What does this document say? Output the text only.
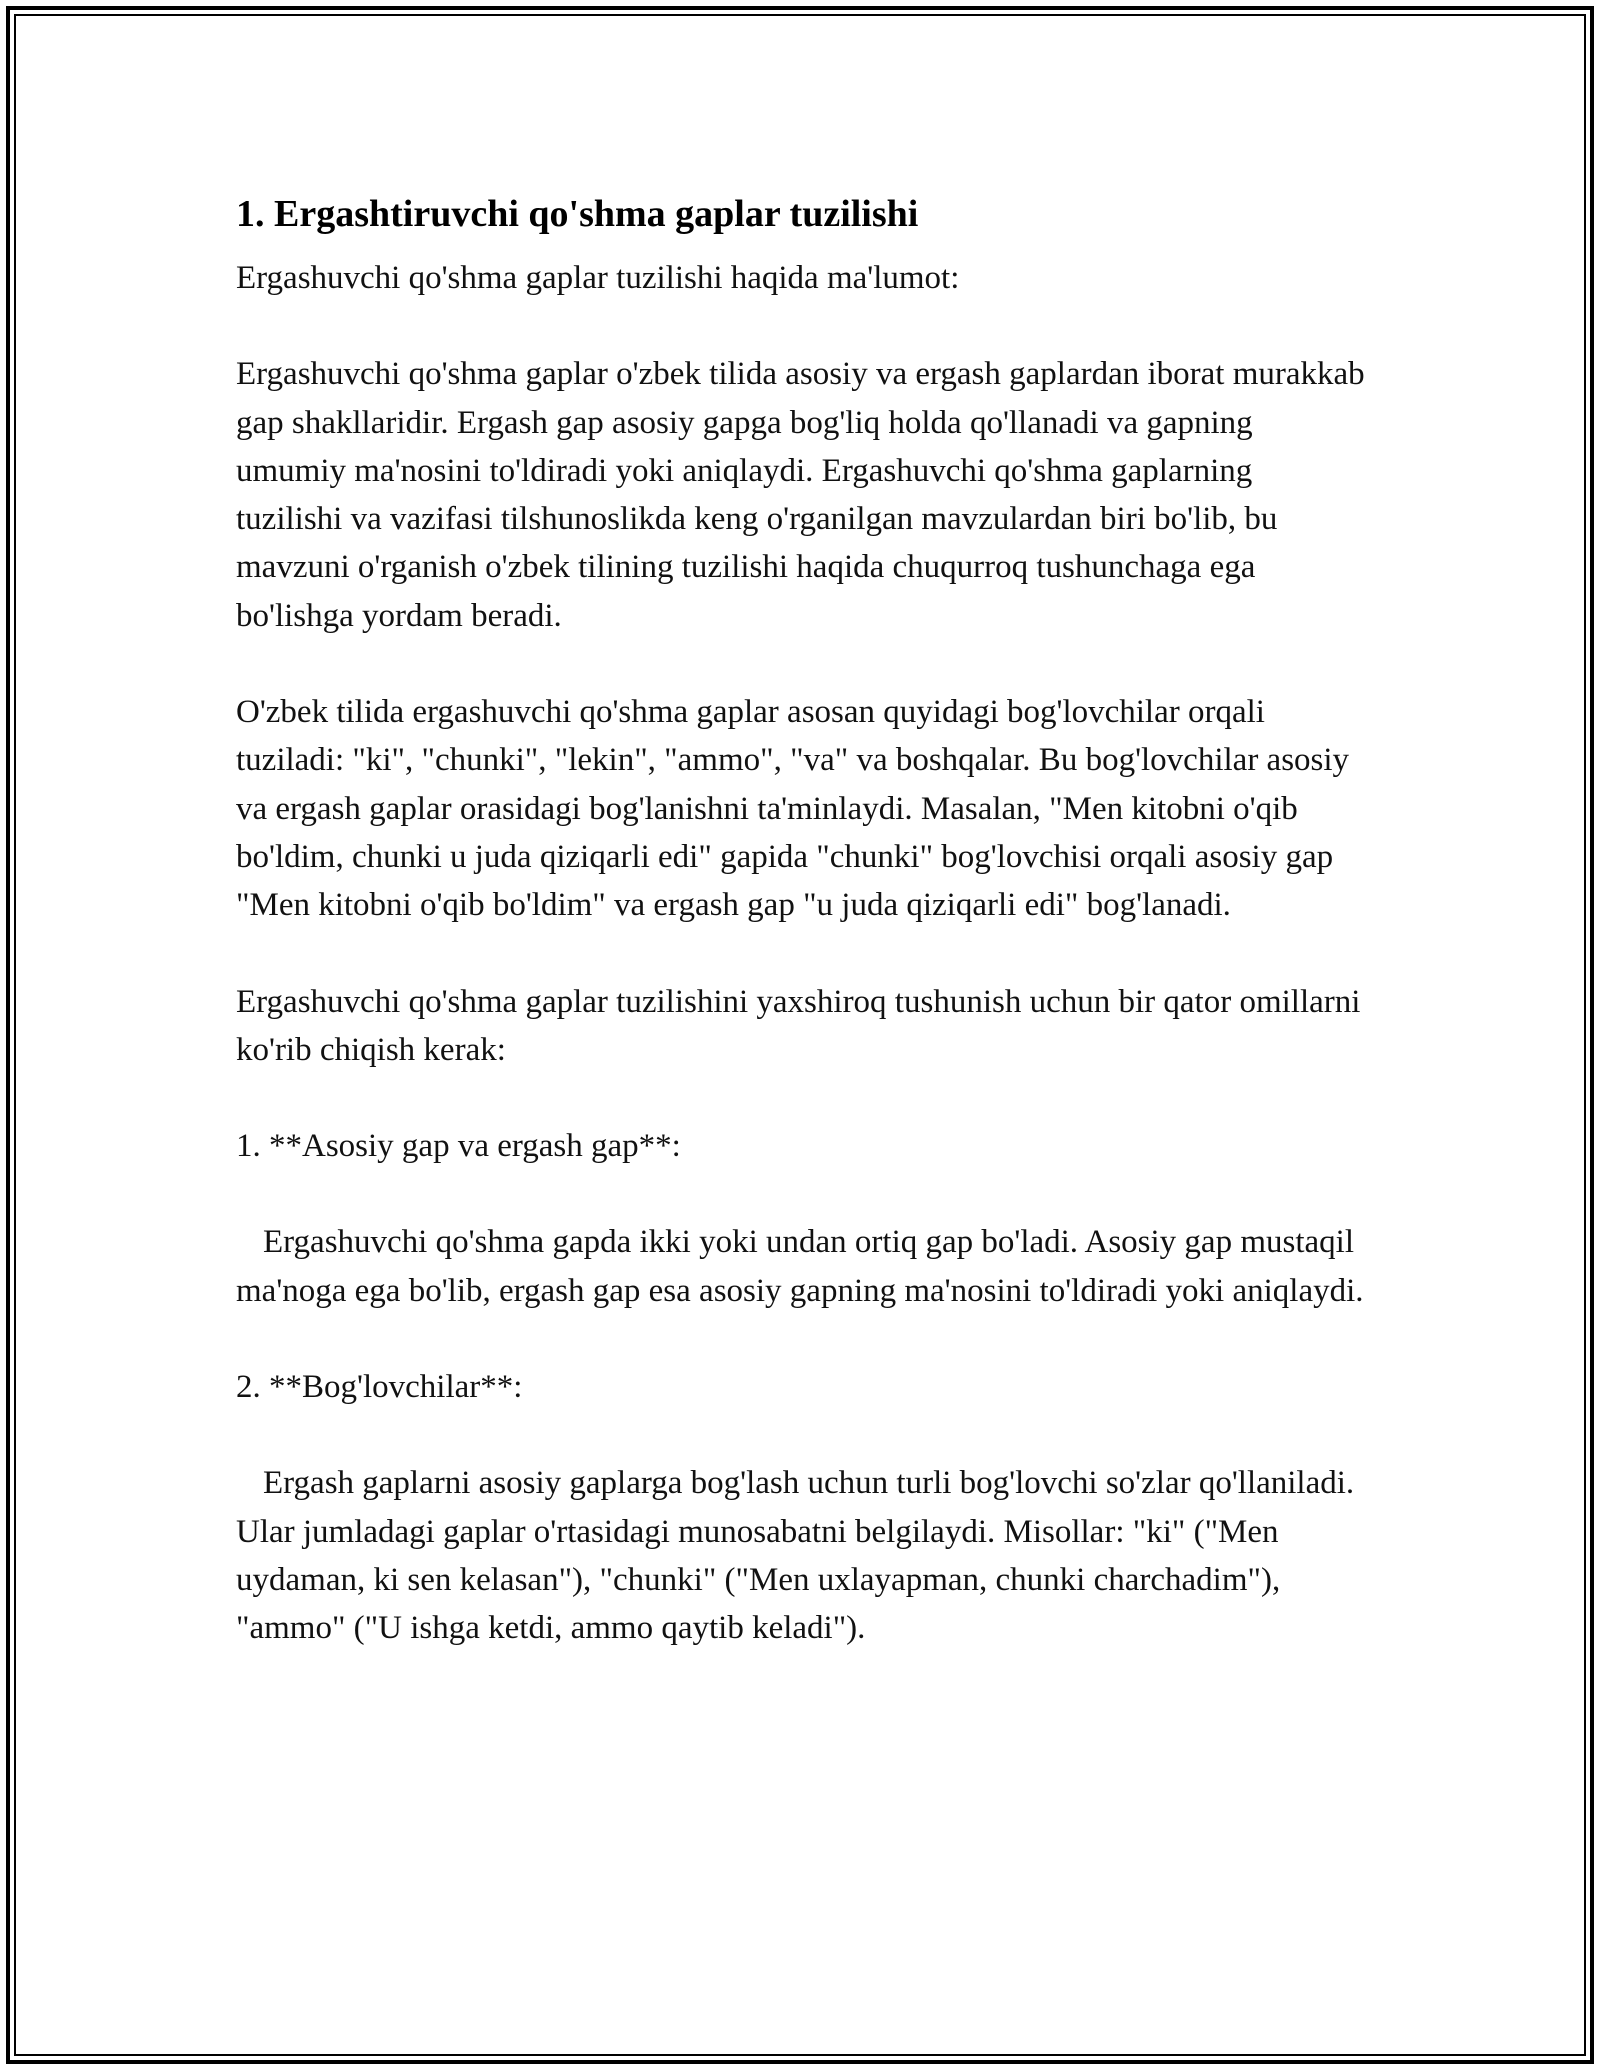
1. Ergashtiruvchi qo'shma gaplar tuzilishi

Ergashuvchi qo'shma gaplar tuzilishi haqida ma'lumot:

Ergashuvchi qo'shma gaplar o'zbek tilida asosiy va ergash gaplardan iborat murakkab gap shakllaridir. Ergash gap asosiy gapga bog'liq holda qo'llanadi va gapning umumiy ma'nosini to'ldiradi yoki aniqlaydi. Ergashuvchi qo'shma gaplarning tuzilishi va vazifasi tilshunoslikda keng o'rganilgan mavzulardan biri bo'lib, bu mavzuni o'rganish o'zbek tilining tuzilishi haqida chuqurroq tushunchaga ega bo'lishga yordam beradi.

O'zbek tilida ergashuvchi qo'shma gaplar asosan quyidagi bog'lovchilar orqali tuziladi: "ki", "chunki", "lekin", "ammo", "va" va boshqalar. Bu bog'lovchilar asosiy va ergash gaplar orasidagi bog'lanishni ta'minlaydi. Masalan, "Men kitobni o'qib bo'ldim, chunki u juda qiziqarli edi" gapida "chunki" bog'lovchisi orqali asosiy gap "Men kitobni o'qib bo'ldim" va ergash gap "u juda qiziqarli edi" bog'lanadi.

Ergashuvchi qo'shma gaplar tuzilishini yaxshiroq tushunish uchun bir qator omillarni ko'rib chiqish kerak:

1. **Asosiy gap va ergash gap**:

Ergashuvchi qo'shma gapda ikki yoki undan ortiq gap bo'ladi. Asosiy gap mustaqil ma'noga ega bo'lib, ergash gap esa asosiy gapning ma'nosini to'ldiradi yoki aniqlaydi.

2. **Bog'lovchilar**:

Ergash gaplarni asosiy gaplarga bog'lash uchun turli bog'lovchi so'zlar qo'llaniladi. Ular jumladagi gaplar o'rtasidagi munosabatni belgilaydi. Misollar: "ki" ("Men uydaman, ki sen kelasan"), "chunki" ("Men uxlayapman, chunki charchadim"), "ammo" ("U ishga ketdi, ammo qaytib keladi").
